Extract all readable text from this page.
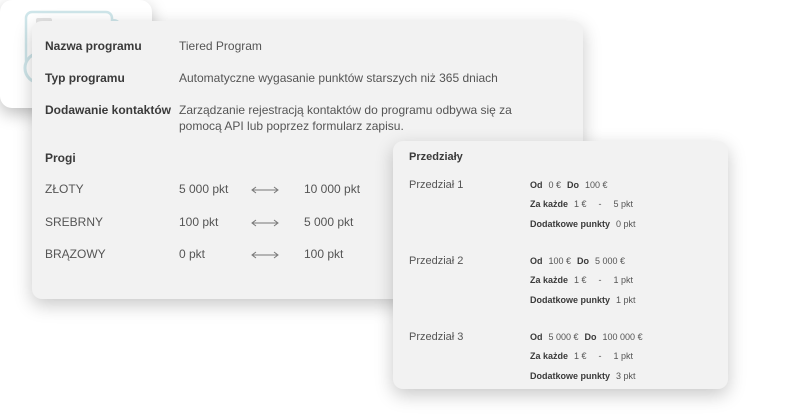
Nazwa programu	Tiered Program
Typ programu	Automatyczne wygasanie punktów starszych niż 365 dniach
Dodawanie kontaktów Zarządzanie rejestracją kontaktów do programu odbywa się za pomocą API lub poprzez formularz zapisu.
Progi
ZŁOTY	5 000 pkt	10 000 pkt
SREBRNY	100 pkt	5 000 pkt
BRĄZOWY	0 pkt	100 pkt
Przedziały
Przedział 1	Od 0 € Do 100 €
Za każde 1 € - 5 pkt
Dodatkowe punkty 0 pkt
Przedział 2	Od 100 € Do 5 000 €
Za każde 1 € - 1 pkt
Dodatkowe punkty 1 pkt
Przedział 3	Od 5 000 € Do 100 000 €
Za każde 1 € - 1 pkt
Dodatkowe punkty 3 pkt
